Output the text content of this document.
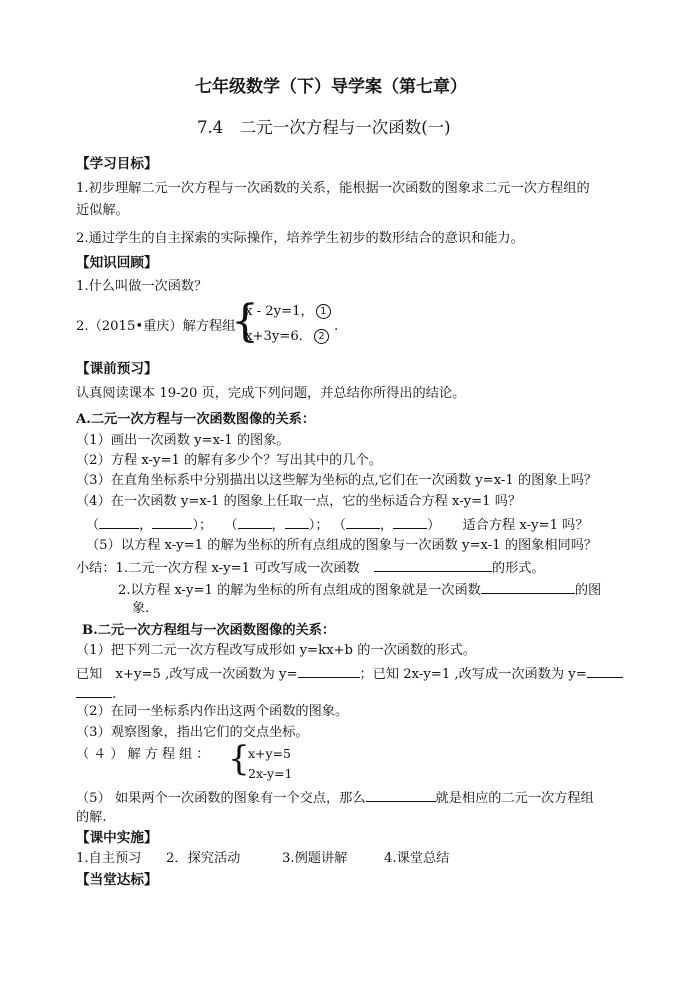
七年级数学（下）导学案（第七章）
7.4　二元一次方程与一次函数(一)
【学习目标】
1.初步理解二元一次方程与一次函数的关系，能根据一次函数的图象求二元一次方程组的
近似解。
2.通过学生的自主探索的实际操作，培养学生初步的数形结合的意识和能力。
【知识回顾】
1.什么叫做一次函数？
2.（2015•重庆）解方程组
{
x - 2y=1， 1
x+3y=6． 2
.
【课前预习】
认真阅读课本 19-20 页，完成下列问题，并总结你所得出的结论。
A.二元一次方程与一次函数图像的关系：
（1）画出一次函数 y=x-1 的图象。
（2）方程 x-y=1 的解有多少个？写出其中的几个。
（3）在直角坐标系中分别描出以这些解为坐标的点,它们在一次函数 y=x-1 的图象上吗？
（4）在一次函数 y=x-1 的图象上任取一点，它的坐标适合方程 x-y=1 吗？
（	，	）； （	， ）； （	，	） 适合方程 x-y=1 吗？
（5）以方程 x-y=1 的解为坐标的所有点组成的图象与一次函数 y=x-1 的图象相同吗？
小结：1.二元一次方程 x-y=1 可改写成一次函数	的形式。
2.以方程 x-y=1 的解为坐标的所有点组成的图象就是一次函数	的图
象.
B.二元一次方程组与一次函数图像的关系：
（1）把下列二元一次方程改写成形如 y=kx+b 的一次函数的形式。
已知　x+y=5 ,改写成一次函数为 y=	；已知 2x-y=1 ,改写成一次函数为 y=
.
（2）在同一坐标系内作出这两个函数的图象。
（3）观察图象，指出它们的交点坐标。
（４）解方程组： {
x+y=5
2x-y=1
（5） 如果两个一次函数的图象有一个交点，那么	就是相应的二元一次方程组
的解.
【课中实施】
1.自主预习 2．探究活动	3.例题讲解	4.课堂总结
【当堂达标】
